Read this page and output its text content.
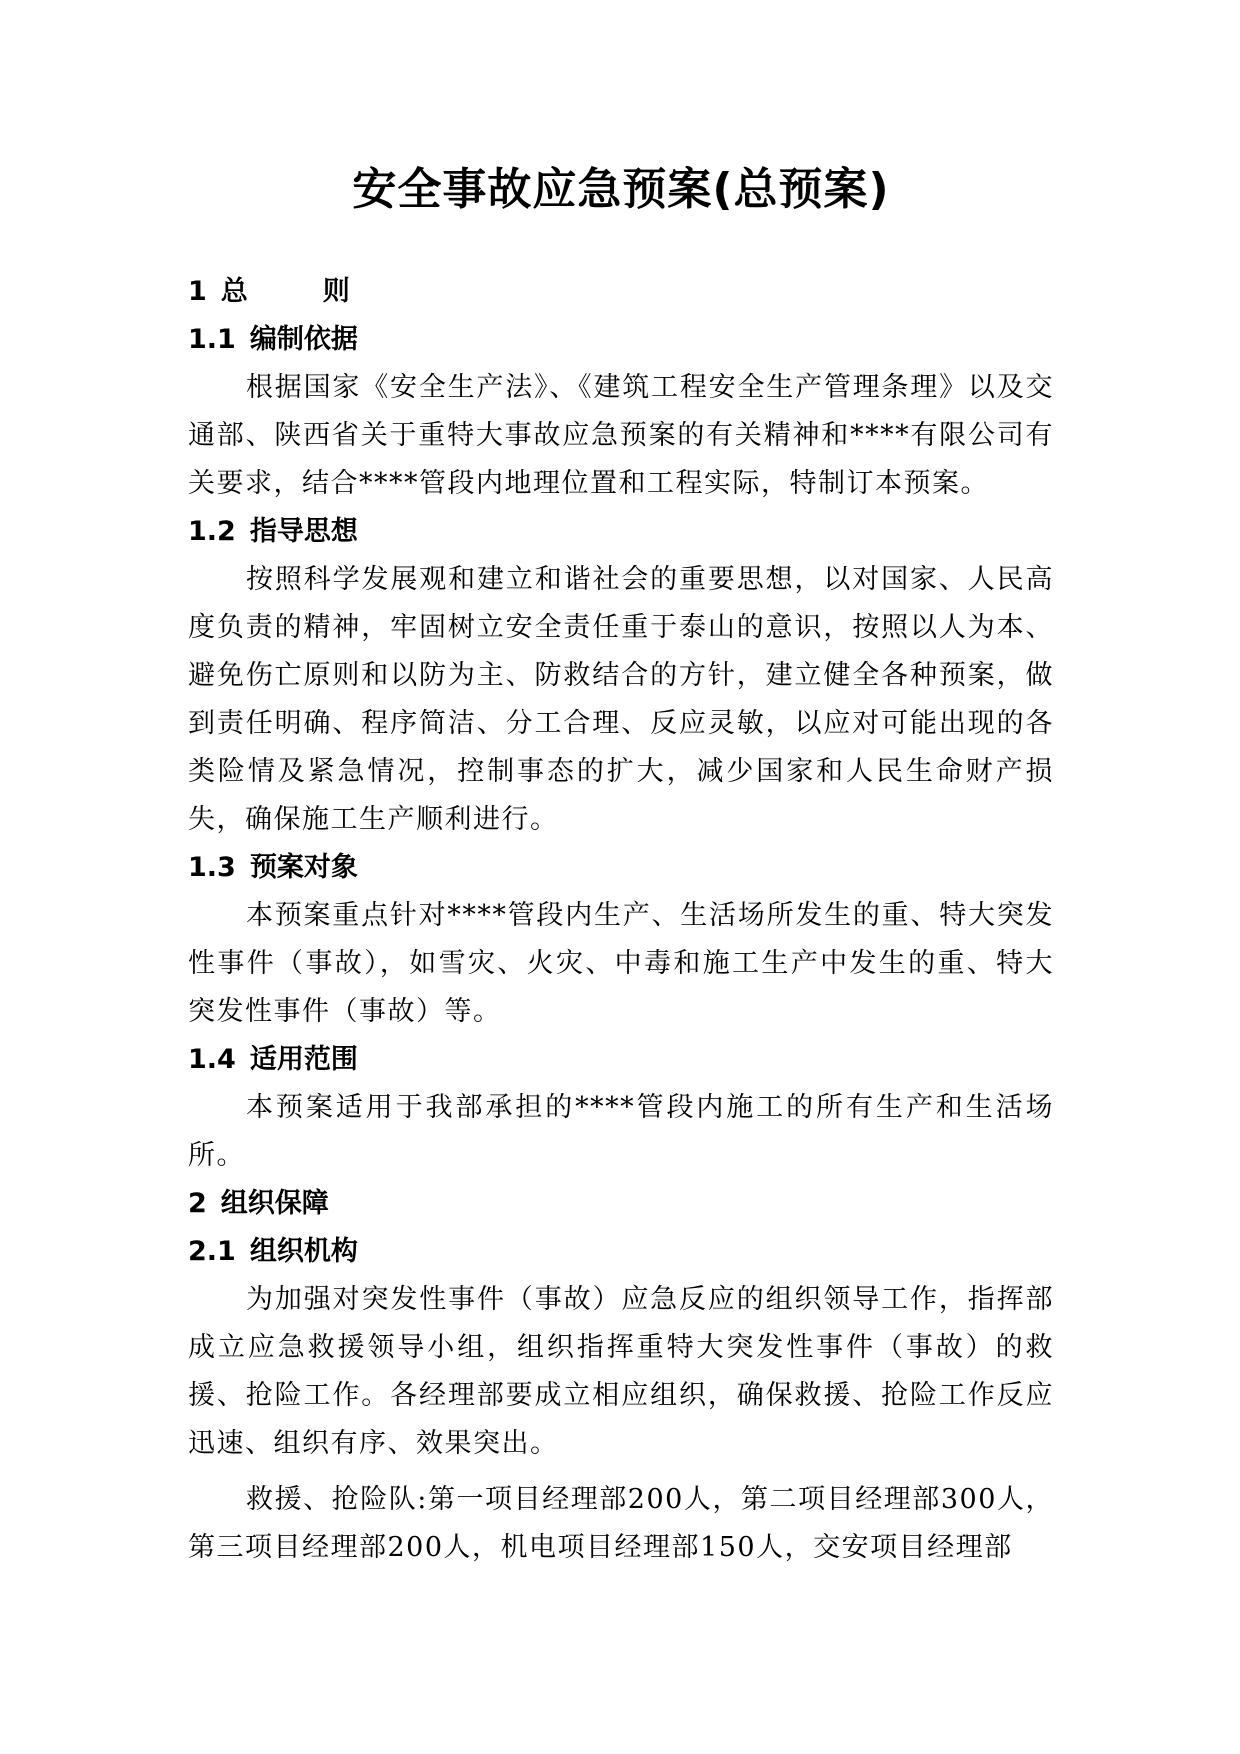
安全事故应急预案(总预案)
1 总　则
1.1 编制依据

根据国家《安全生产法》、《建筑工程安全生产管理条理》以及交通部、陕西省关于重特大事故应急预案的有关精神和****有限公司有关要求，结合****管段内地理位置和工程实际，特制订本预案。

1.2 指导思想

按照科学发展观和建立和谐社会的重要思想，以对国家、人民高度负责的精神，牢固树立安全责任重于泰山的意识，按照以人为本、避免伤亡原则和以防为主、防救结合的方针，建立健全各种预案，做到责任明确、程序简洁、分工合理、反应灵敏，以应对可能出现的各类险情及紧急情况，控制事态的扩大，减少国家和人民生命财产损失，确保施工生产顺利进行。

1.3 预案对象

本预案重点针对****管段内生产、生活场所发生的重、特大突发性事件（事故），如雪灾、火灾、中毒和施工生产中发生的重、特大突发性事件（事故）等。

1.4 适用范围

本预案适用于我部承担的****管段内施工的所有生产和生活场所。

2 组织保障
2.1 组织机构

为加强对突发性事件（事故）应急反应的组织领导工作，指挥部成立应急救援领导小组，组织指挥重特大突发性事件（事故）的救援、抢险工作。各经理部要成立相应组织，确保救援、抢险工作反应迅速、组织有序、效果突出。

救援、抢险队:第一项目经理部200人，第二项目经理部300人，第三项目经理部200人，机电项目经理部150人，交安项目经理部
